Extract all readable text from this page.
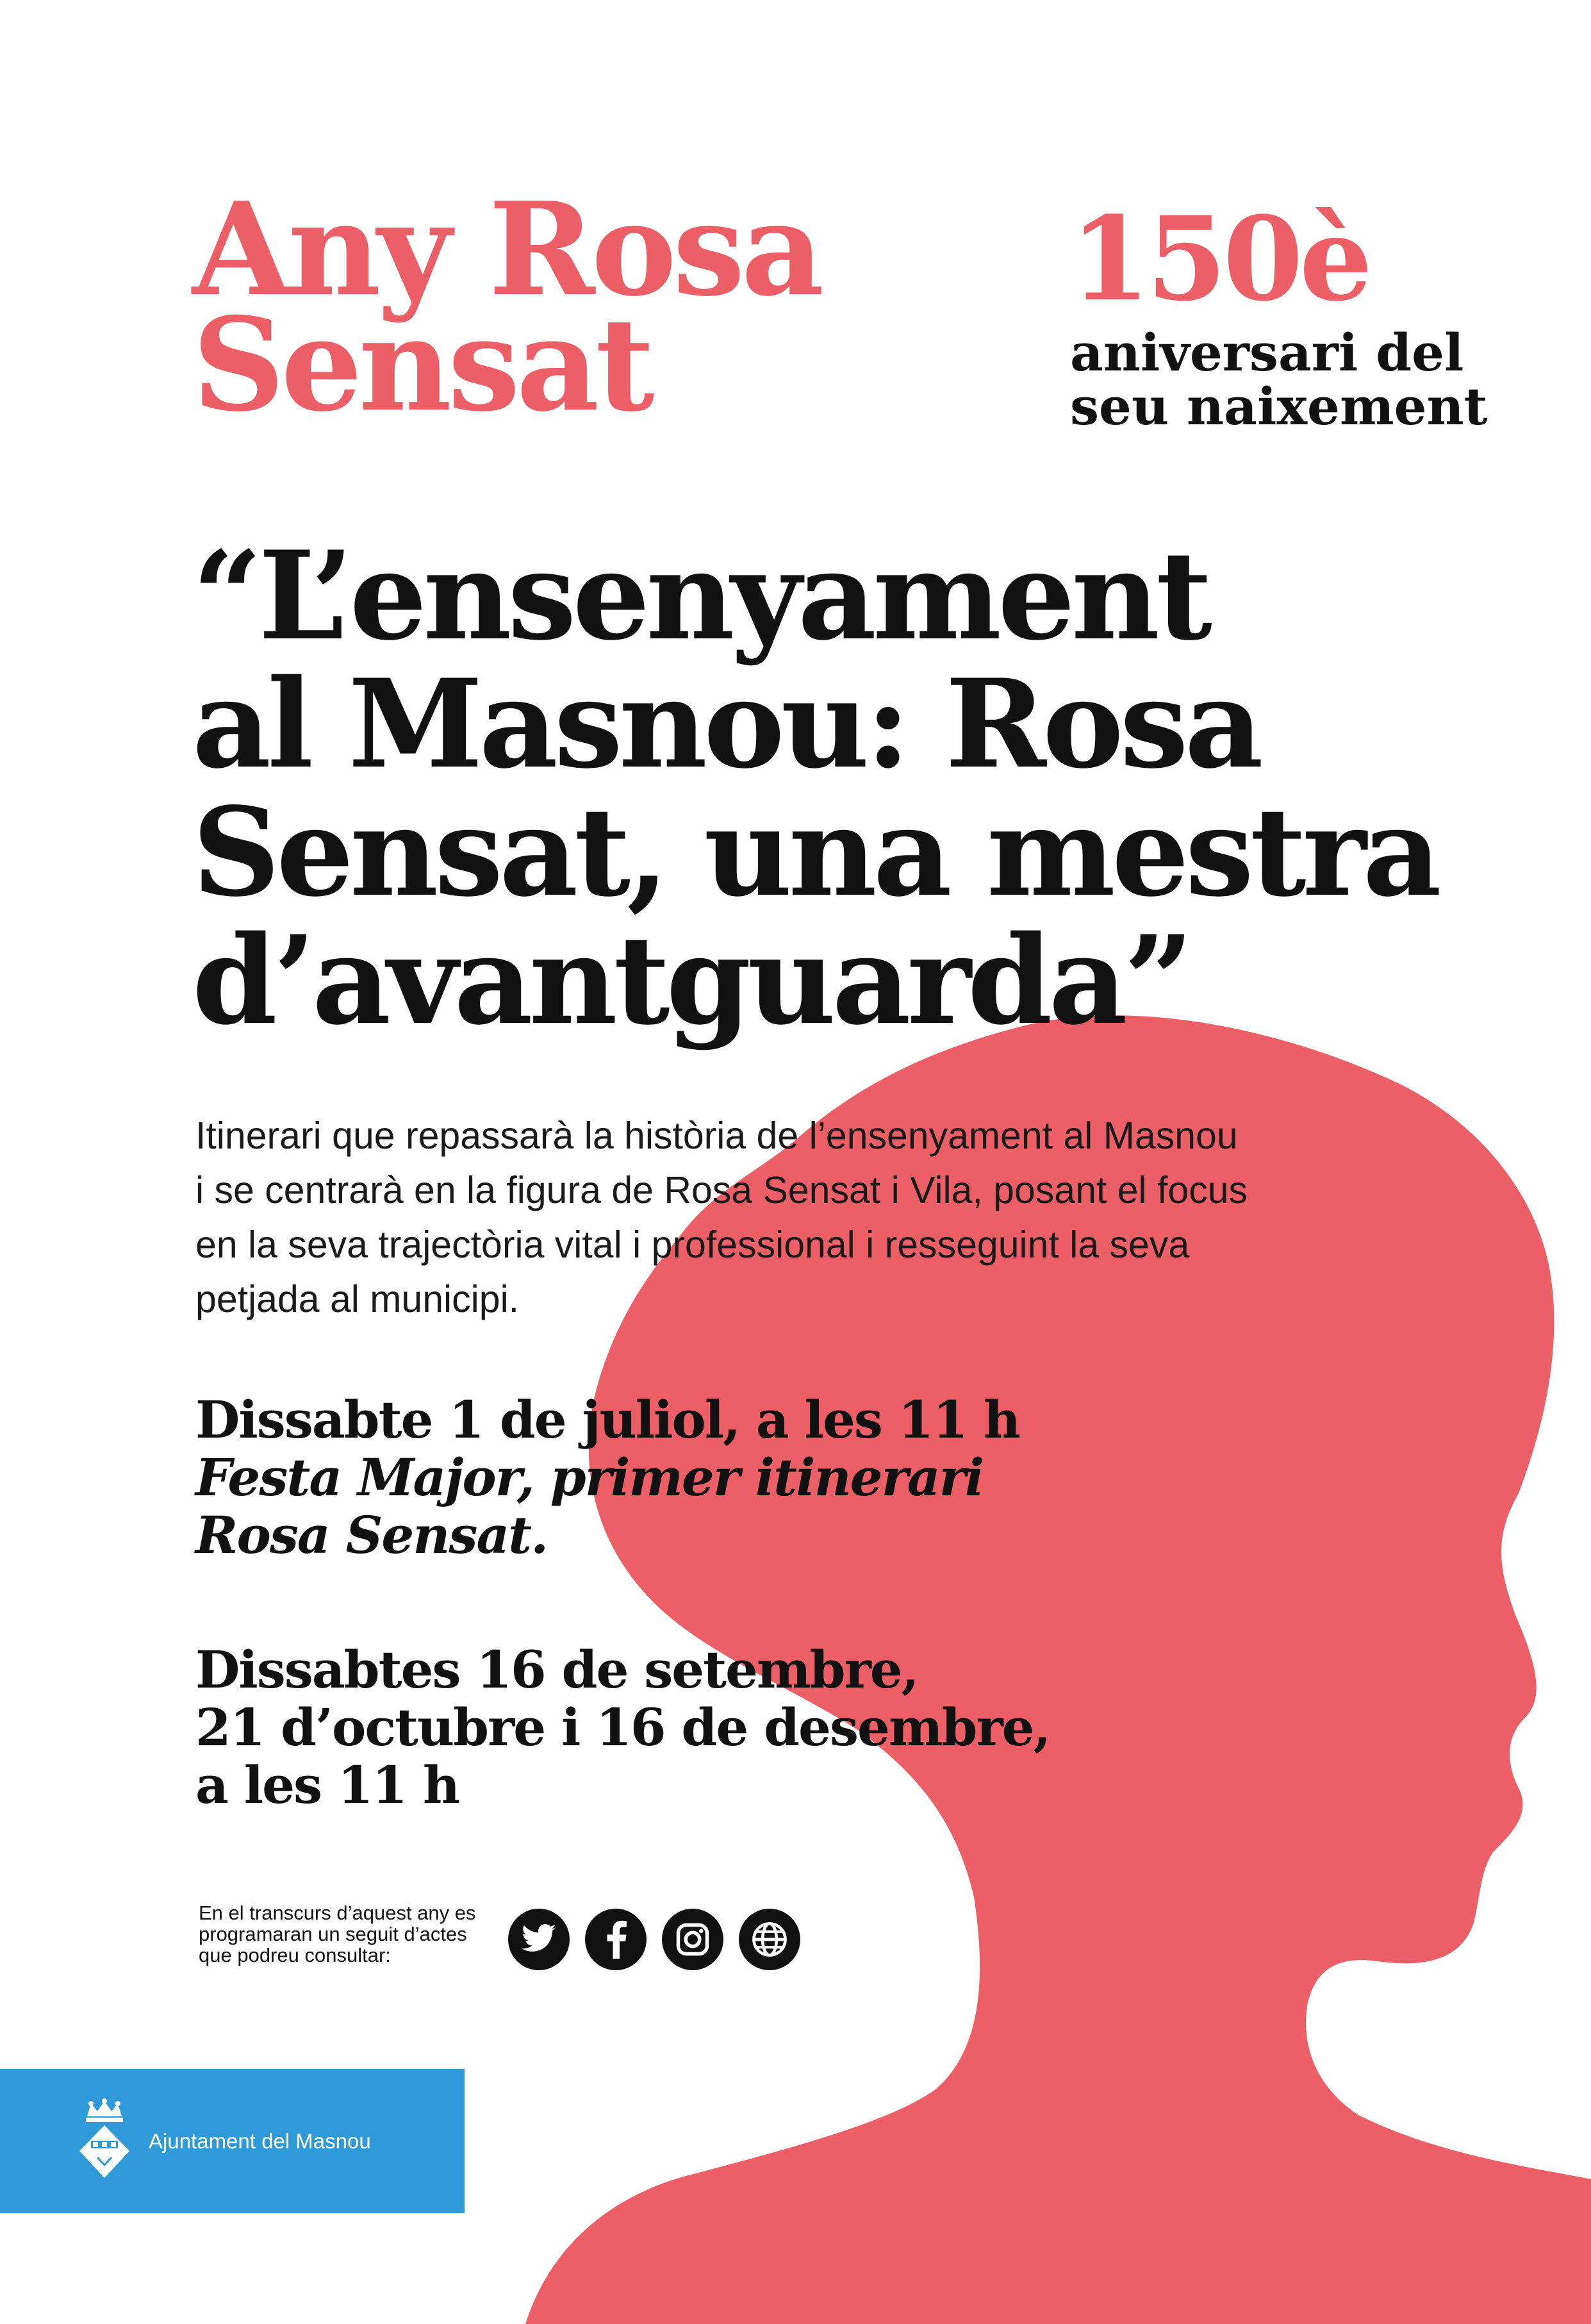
Any Rosa
Sensat
150è
aniversari del
seu naixement
“L’ensenyament
al Masnou: Rosa
Sensat, una mestra
d’avantguarda”
Itinerari que repassarà la història de l’ensenyament al Masnou
i se centrarà en la figura de Rosa Sensat i Vila, posant el focus
en la seva trajectòria vital i professional i resseguint la seva
petjada al municipi.
Dissabte 1 de juliol, a les 11 h
Festa Major, primer itinerari
Rosa Sensat.
Dissabtes 16 de setembre,
21 d’octubre i 16 de desembre,
a les 11 h
En el transcurs d’aquest any es
programaran un seguit d’actes
que podreu consultar:
Ajuntament del Masnou
